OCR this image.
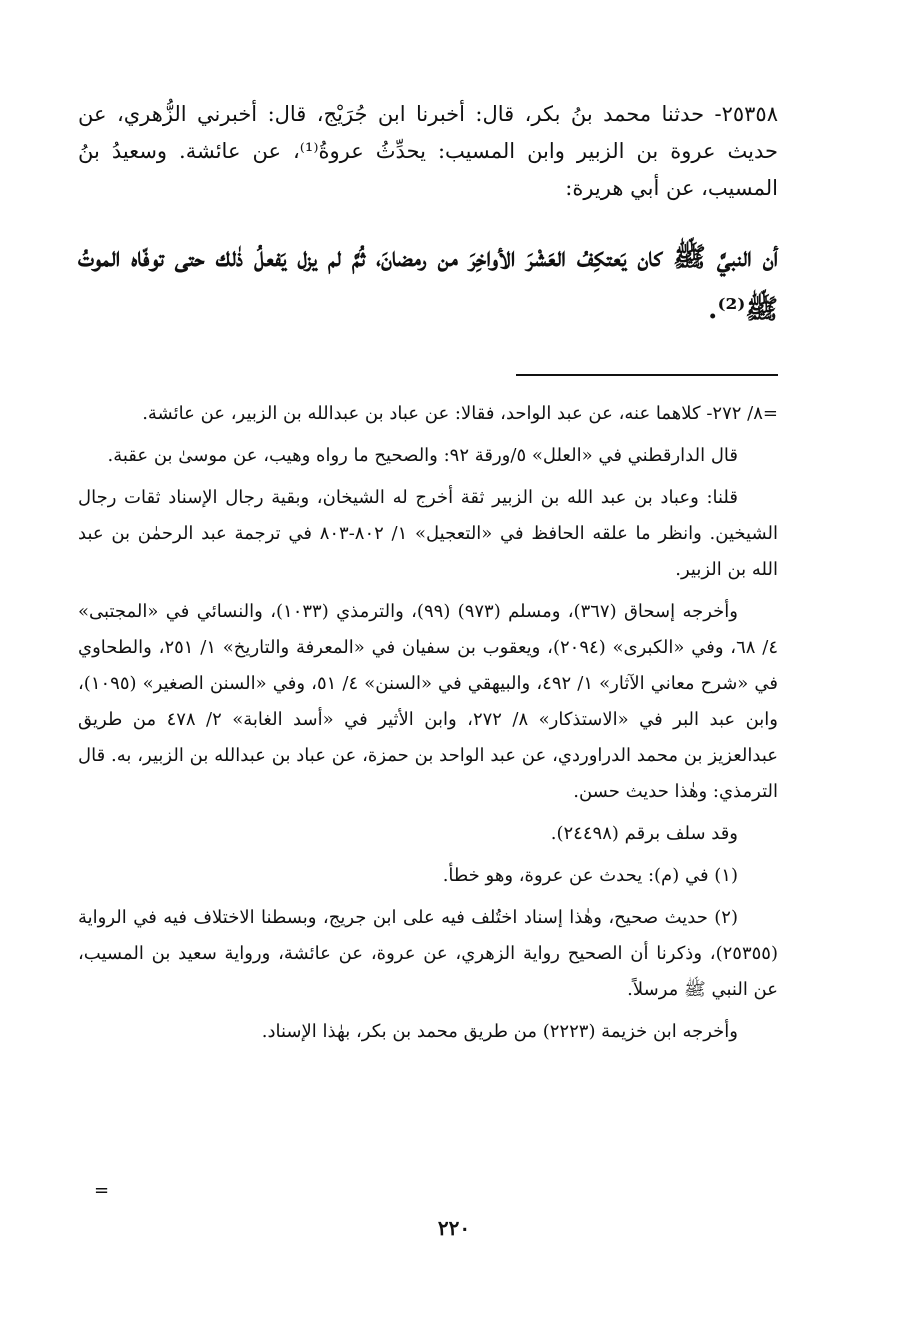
٢٥٣٥٨- حدثنا محمد بنُ بكر، قال: أخبرنا ابن جُرَيْج، قال: أخبرني الزُّهري، عن حديث عروة بن الزبير وابن المسيب: يحدِّثُ عروةُ⁽¹⁾، عن عائشة. وسعيدُ بنُ المسيب، عن أبي هريرة:
أن النبيَّ ﷺ كان يَعتكِفُ العَشْرَ الأواخِرَ من رمضانَ، ثُمَّ لم يزل يَفعلُ ذٰلك حتى توفّاه الموتُ ﷺ⁽²⁾.

=٨/ ٢٧٢- كلاهما عنه، عن عبد الواحد، فقالا: عن عباد بن عبدالله بن الزبير، عن عائشة.

قال الدارقطني في «العلل» ٥/ورقة ٩٢: والصحيح ما رواه وهيب، عن موسىٰ بن عقبة.

قلنا: وعباد بن عبد الله بن الزبير ثقة أخرج له الشيخان، وبقية رجال الإسناد ثقات رجال الشيخين. وانظر ما علقه الحافظ في «التعجيل» ١/ ٨٠٢-٨٠٣ في ترجمة عبد الرحمٰن بن عبد الله بن الزبير.

وأخرجه إسحاق (٣٦٧)، ومسلم (٩٧٣) (٩٩)، والترمذي (١٠٣٣)، والنسائي في «المجتبى» ٤/ ٦٨، وفي «الكبرى» (٢٠٩٤)، ويعقوب بن سفيان في «المعرفة والتاريخ» ١/ ٢٥١، والطحاوي في «شرح معاني الآثار» ١/ ٤٩٢، والبيهقي في «السنن» ٤/ ٥١، وفي «السنن الصغير» (١٠٩٥)، وابن عبد البر في «الاستذكار» ٨/ ٢٧٢، وابن الأثير في «أسد الغابة» ٢/ ٤٧٨ من طريق عبدالعزيز بن محمد الدراوردي، عن عبد الواحد بن حمزة، عن عباد بن عبدالله بن الزبير، به. قال الترمذي: وهٰذا حديث حسن.

وقد سلف برقم (٢٤٤٩٨).

(١) في (م): يحدث عن عروة، وهو خطأ.

(٢) حديث صحيح، وهٰذا إسناد اختُلف فيه على ابن جريج، وبسطنا الاختلاف فيه في الرواية (٢٥٣٥٥)، وذكرنا أن الصحيح رواية الزهري، عن عروة، عن عائشة، ورواية سعيد بن المسيب، عن النبي ﷺ مرسلاً.

وأخرجه ابن خزيمة (٢٢٢٣) من طريق محمد بن بكر، بهٰذا الإسناد.

=
٢٢٠
